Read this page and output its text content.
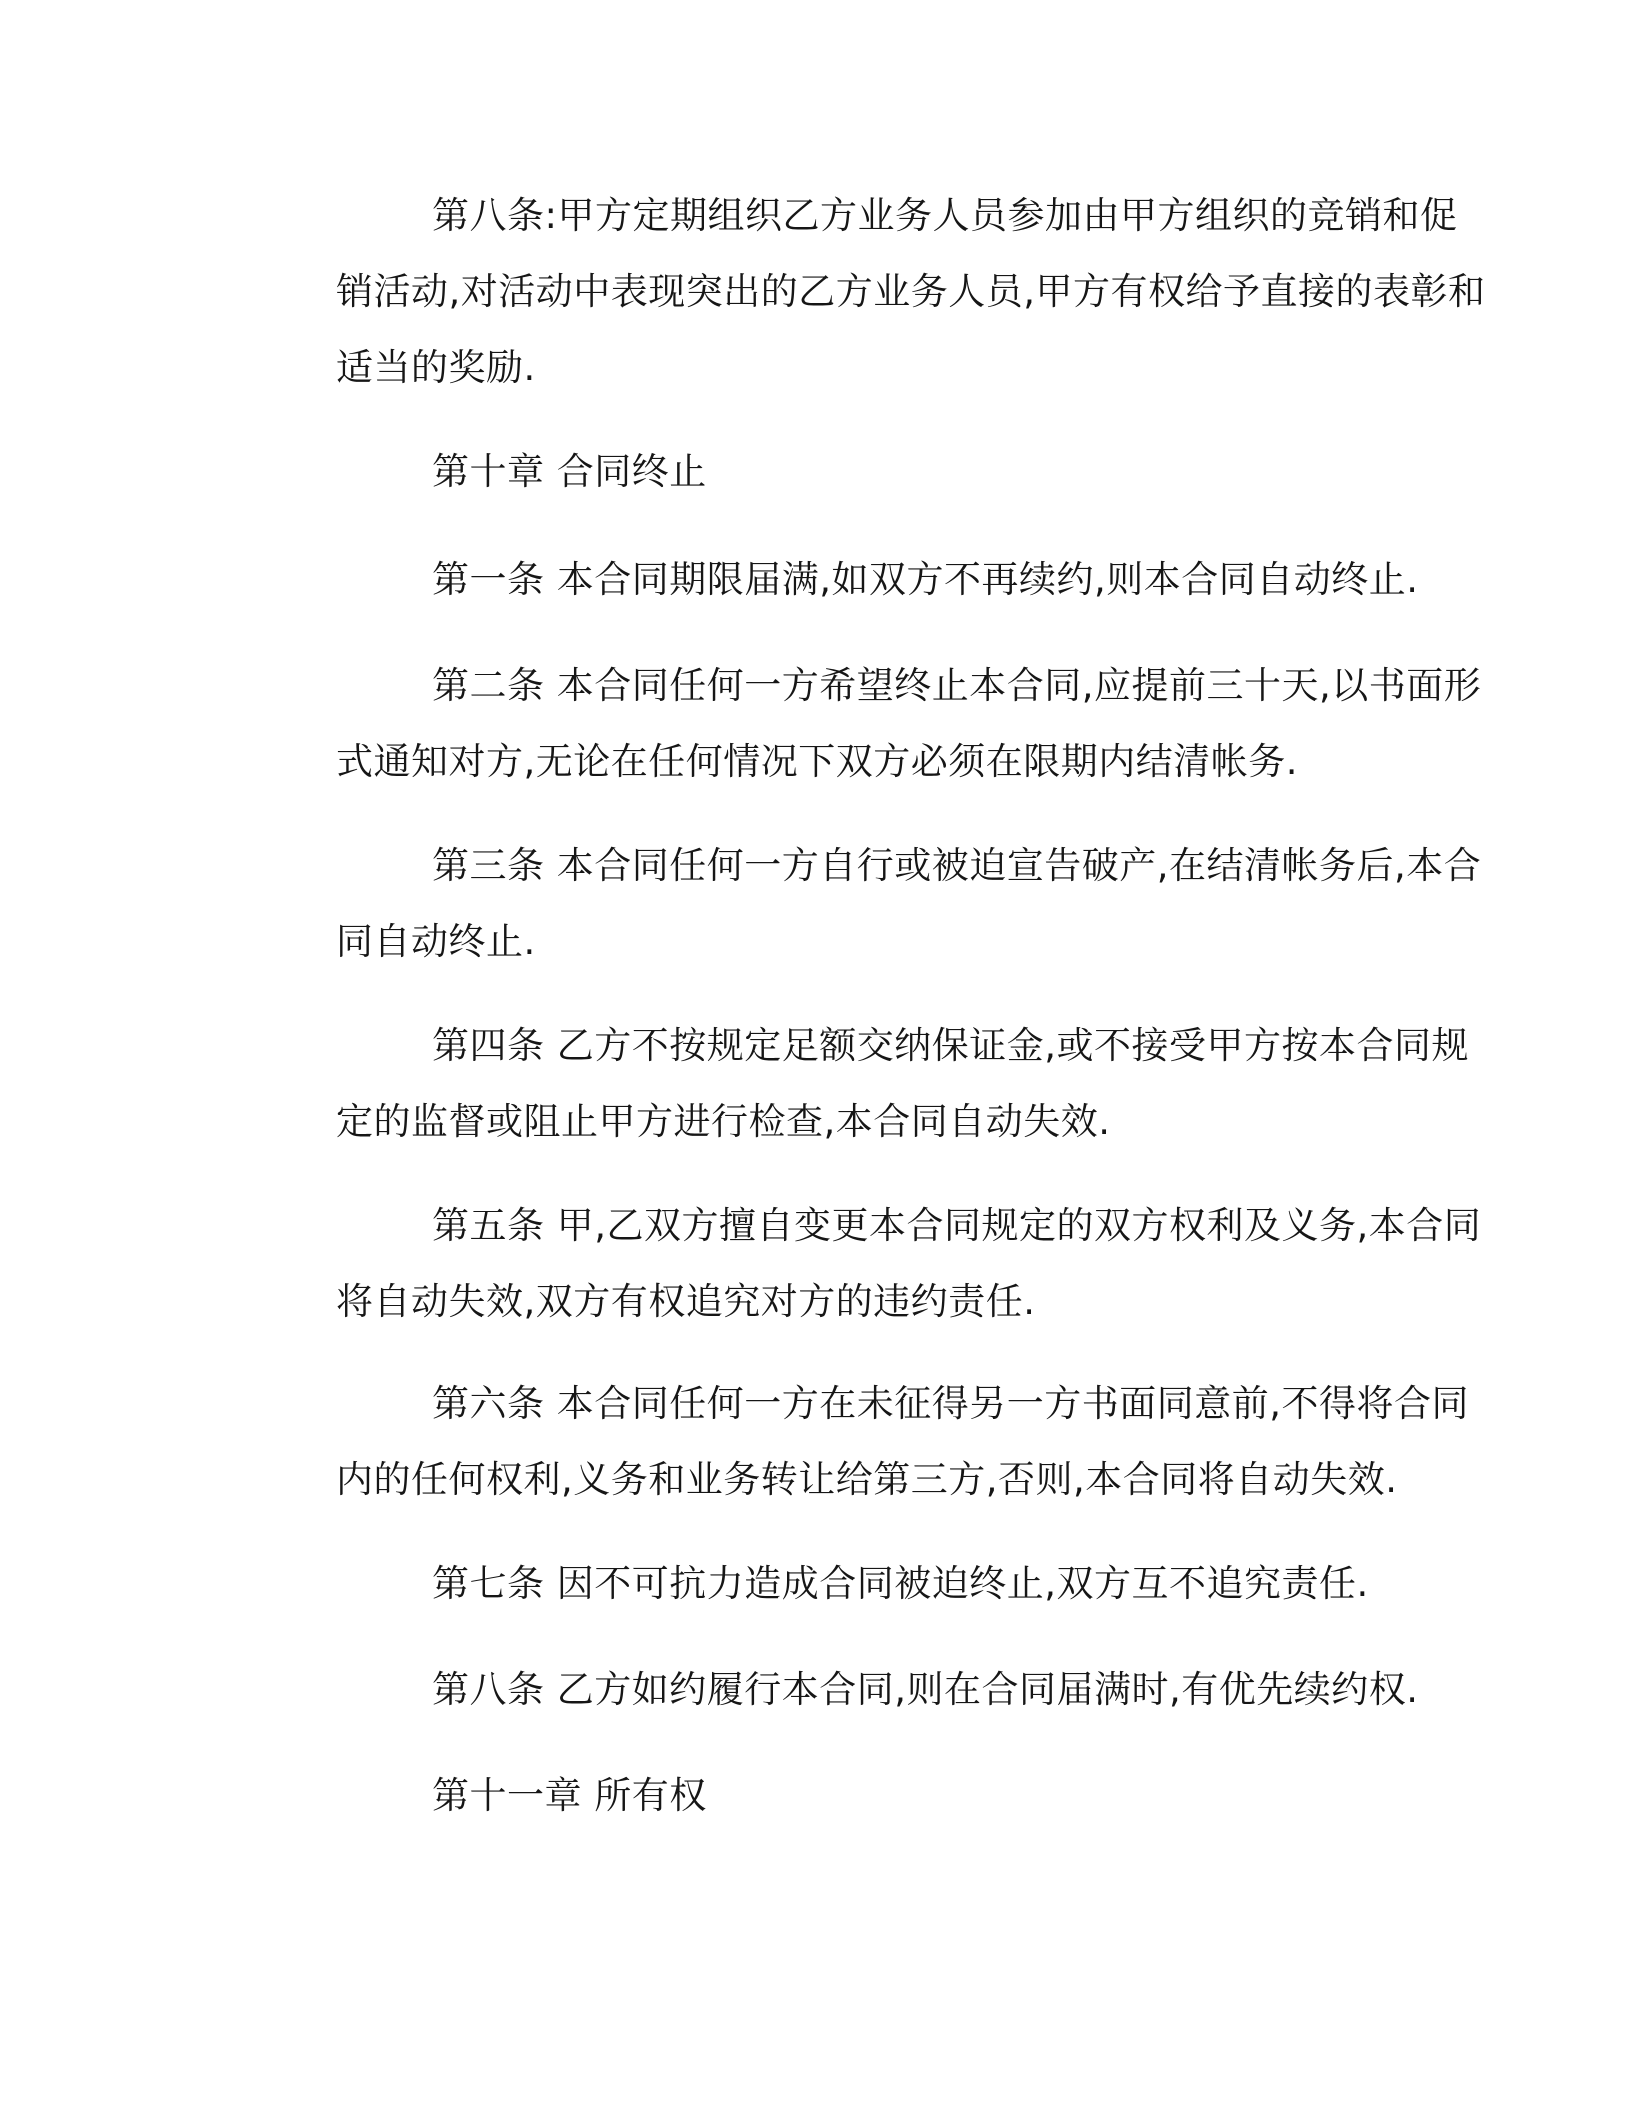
第八条:甲方定期组织乙方业务人员参加由甲方组织的竞销和促
销活动,对活动中表现突出的乙方业务人员,甲方有权给予直接的表彰和
适当的奖励.

第十章 合同终止

第一条 本合同期限届满,如双方不再续约,则本合同自动终止.

第二条 本合同任何一方希望终止本合同,应提前三十天,以书面形
式通知对方,无论在任何情况下双方必须在限期内结清帐务.

第三条 本合同任何一方自行或被迫宣告破产,在结清帐务后,本合
同自动终止.

第四条 乙方不按规定足额交纳保证金,或不接受甲方按本合同规
定的监督或阻止甲方进行检查,本合同自动失效.

第五条 甲,乙双方擅自变更本合同规定的双方权利及义务,本合同
将自动失效,双方有权追究对方的违约责任.

第六条 本合同任何一方在未征得另一方书面同意前,不得将合同
内的任何权利,义务和业务转让给第三方,否则,本合同将自动失效.

第七条 因不可抗力造成合同被迫终止,双方互不追究责任.

第八条 乙方如约履行本合同,则在合同届满时,有优先续约权.

第十一章 所有权
